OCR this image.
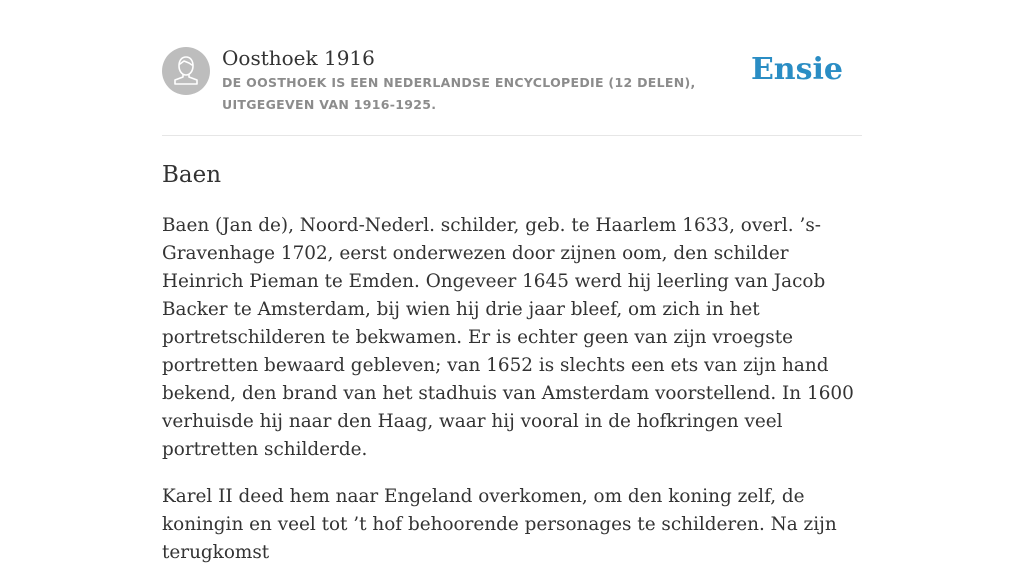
Oosthoek 1916
DE OOSTHOEK IS EEN NEDERLANDSE ENCYCLOPEDIE (12 DELEN), UITGEGEVEN VAN 1916-1925.
Ensie
Baen

Baen (Jan de), Noord-Nederl. schilder, geb. te Haarlem 1633, overl. ’s-Gravenhage 1702, eerst onderwezen door zijnen oom, den schilder Heinrich Pieman te Emden. Ongeveer 1645 werd hij leerling van Jacob Backer te Amsterdam, bij wien hij drie jaar bleef, om zich in het portretschilderen te bekwamen. Er is echter geen van zijn vroegste portretten bewaard gebleven; van 1652 is slechts een ets van zijn hand bekend, den brand van het stadhuis van Amsterdam voorstellend. In 1600 verhuisde hij naar den Haag, waar hij vooral in de hofkringen veel portretten schilderde.

Karel II deed hem naar Engeland overkomen, om den koning zelf, de koningin en veel tot ’t hof behoorende personages te schilderen. Na zijn terugkomst
